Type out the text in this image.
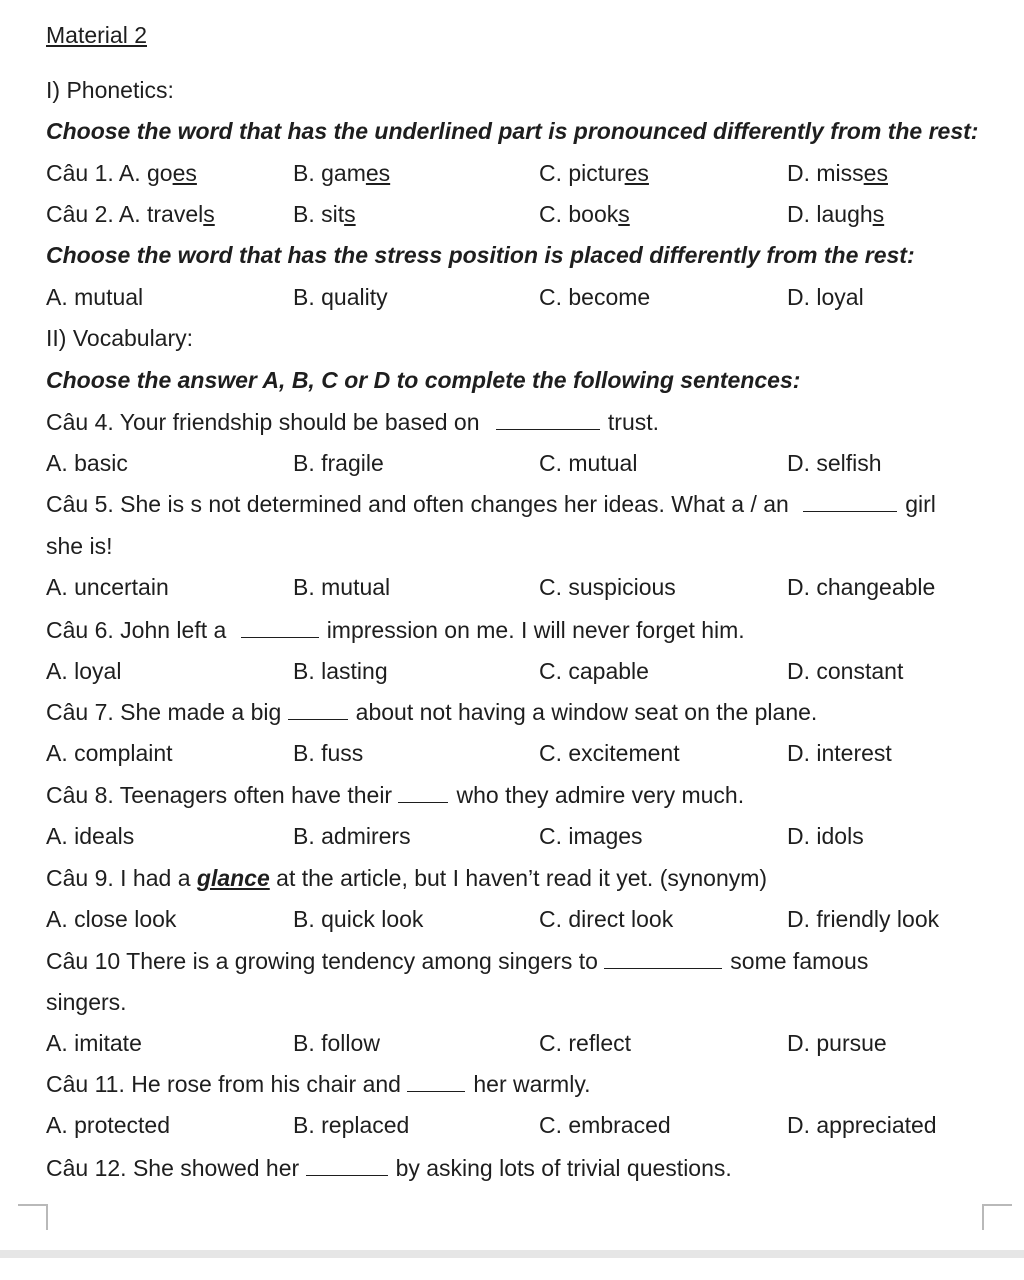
Material 2
I) Phonetics:
Choose the word that has the underlined part is pronounced differently from the rest:
Câu 1. A. goes	B. games	C. pictures	D. misses
Câu 2. A. travels	B. sits	C. books	D. laughs
Choose the word that has the stress position is placed differently from the rest:
A. mutual	B. quality	C. become	D. loyal
II) Vocabulary:
Choose the answer A, B, C or D to complete the following sentences:
Câu 4. Your friendship should be based on	trust.
A. basic	B. fragile	C. mutual	D. selfish
Câu 5. She is s not determined and often changes her ideas. What a / an	girl
she is!
A. uncertain	B. mutual	C. suspicious	D. changeable
Câu 6. John left a	impression on me. I will never forget him.
A. loyal	B. lasting	C. capable	D. constant
Câu 7. She made a big	about not having a window seat on the plane.
A. complaint	B. fuss	C. excitement	D. interest
Câu 8. Teenagers often have their	who they admire very much.
A. ideals	B. admirers	C. images	D. idols
Câu 9. I had a glance at the article, but I haven’t read it yet. (synonym)
A. close look	B. quick look	C. direct look	D. friendly look
Câu 10 There is a growing tendency among singers to	some famous
singers.
A. imitate	B. follow	C. reflect	D. pursue
Câu 11. He rose from his chair and	her warmly.
A. protected	B. replaced	C. embraced	D. appreciated
Câu 12. She showed her	by asking lots of trivial questions.
